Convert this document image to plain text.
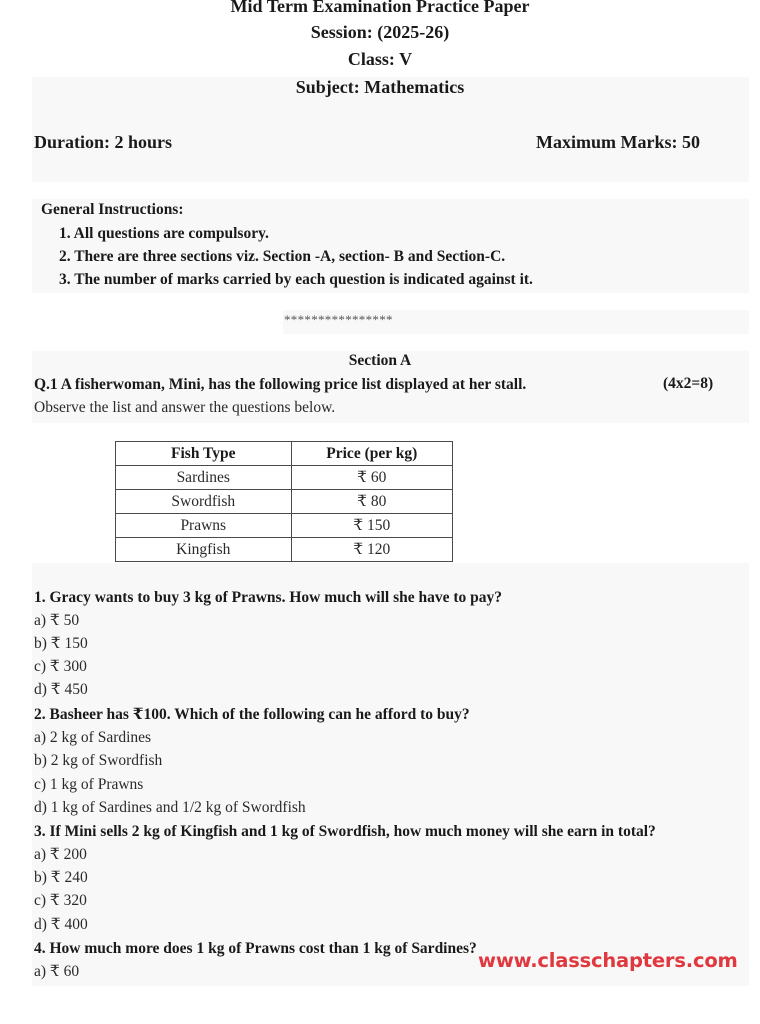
Mid Term Examination Practice Paper
Session: (2025-26)
Class: V
Subject: Mathematics
Duration: 2 hours	Maximum Marks: 50
General Instructions:
1. All questions are compulsory.
2. There are three sections viz. Section -A, section- B and Section-C.
3. The number of marks carried by each question is indicated against it.
****************
Section A
Q.1 A fisherwoman, Mini, has the following price list displayed at her stall.	(4x2=8)
Observe the list and answer the questions below.
Fish Type	Price (per kg)
Sardines	₹ 60
Swordfish	₹ 80
Prawns	₹ 150
Kingfish	₹ 120
1. Gracy wants to buy 3 kg of Prawns. How much will she have to pay?
a) ₹ 50
b) ₹ 150
c) ₹ 300
d) ₹ 450
2. Basheer has ₹100. Which of the following can he afford to buy?
a) 2 kg of Sardines
b) 2 kg of Swordfish
c) 1 kg of Prawns
d) 1 kg of Sardines and 1/2 kg of Swordfish
3. If Mini sells 2 kg of Kingfish and 1 kg of Swordfish, how much money will she earn in total?
a) ₹ 200
b) ₹ 240
c) ₹ 320
d) ₹ 400
4. How much more does 1 kg of Prawns cost than 1 kg of Sardines?
a) ₹ 60	www.classchapters.com
